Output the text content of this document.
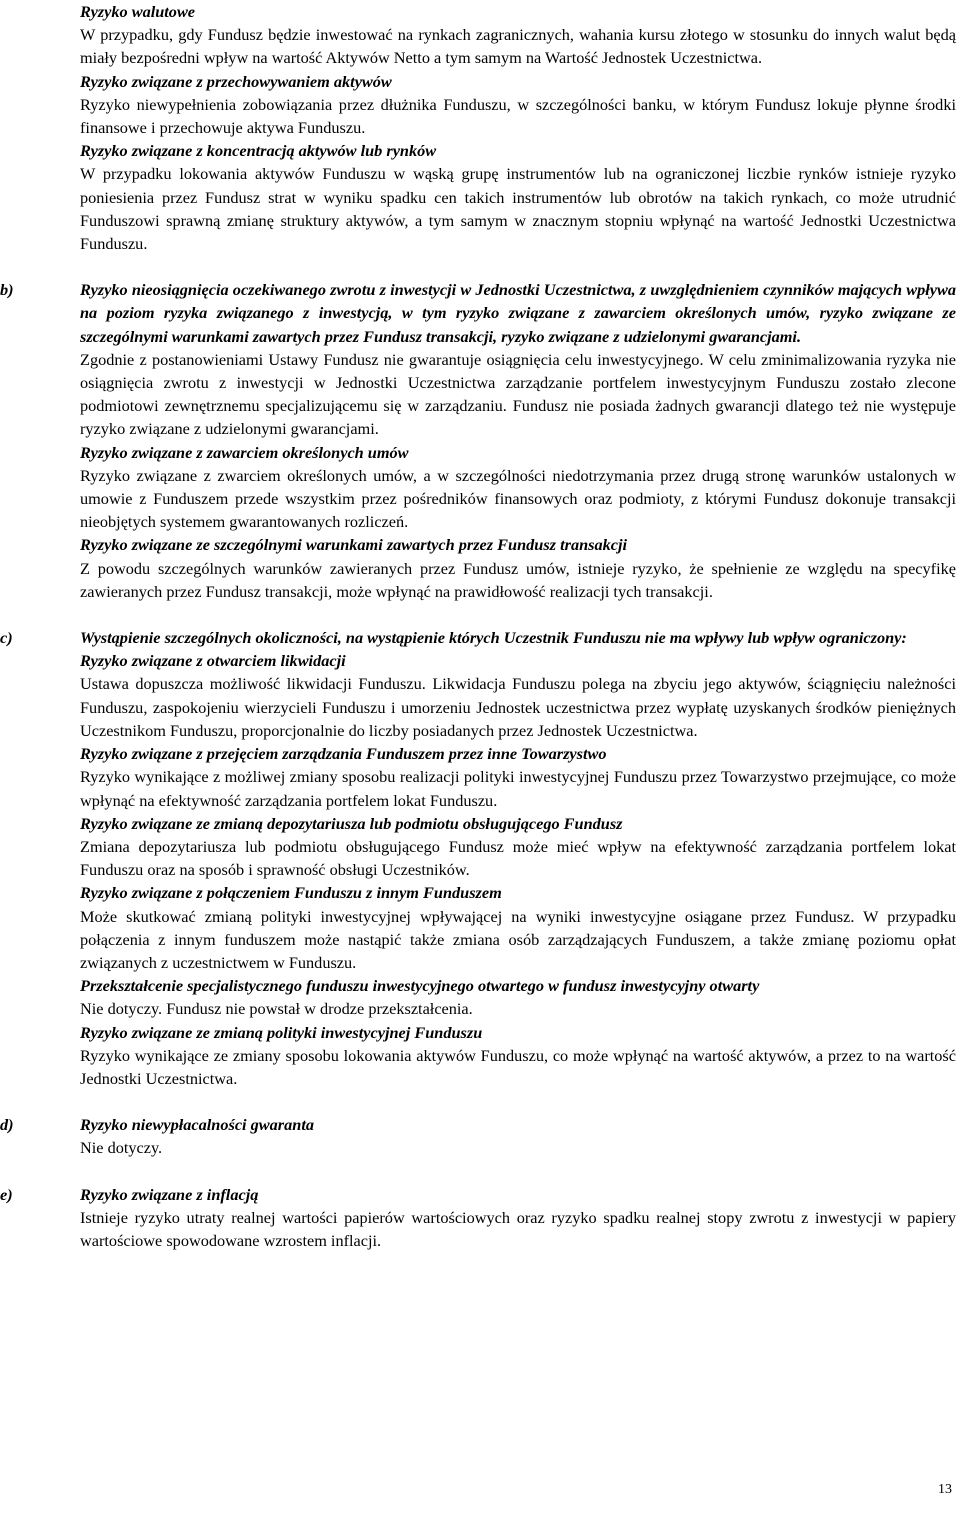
Ryzyko walutowe
W przypadku, gdy Fundusz będzie inwestować na rynkach zagranicznych, wahania kursu złotego w stosunku do innych walut będą miały bezpośredni wpływ na wartość Aktywów Netto a tym samym na Wartość Jednostek Uczestnictwa.
Ryzyko związane z przechowywaniem aktywów
Ryzyko niewypełnienia zobowiązania przez dłużnika Funduszu, w szczególności banku, w którym Fundusz lokuje płynne środki finansowe i przechowuje aktywa Funduszu.
Ryzyko związane z koncentracją aktywów lub rynków
W przypadku lokowania aktywów Funduszu w wąską grupę instrumentów lub na ograniczonej liczbie rynków istnieje ryzyko poniesienia przez Fundusz strat w wyniku spadku cen takich instrumentów lub obrotów na takich rynkach, co może utrudnić Funduszowi sprawną zmianę struktury aktywów, a tym samym w znacznym stopniu wpłynąć na wartość Jednostki Uczestnictwa Funduszu.
b)	Ryzyko nieosiągnięcia oczekiwanego zwrotu z inwestycji w Jednostki Uczestnictwa, z uwzględnieniem czynników mających wpływa na poziom ryzyka związanego z inwestycją, w tym ryzyko związane z zawarciem określonych umów, ryzyko związane ze szczególnymi warunkami zawartych przez Fundusz transakcji, ryzyko związane z udzielonymi gwarancjami.
Zgodnie z postanowieniami Ustawy Fundusz nie gwarantuje osiągnięcia celu inwestycyjnego. W celu zminimalizowania ryzyka nie osiągnięcia zwrotu z inwestycji w Jednostki Uczestnictwa zarządzanie portfelem inwestycyjnym Funduszu zostało zlecone podmiotowi zewnętrznemu specjalizującemu się w zarządzaniu. Fundusz nie posiada żadnych gwarancji dlatego też nie występuje ryzyko związane z udzielonymi gwarancjami.
Ryzyko związane z zawarciem określonych umów
Ryzyko związane z zwarciem określonych umów, a w szczególności niedotrzymania przez drugą stronę warunków ustalonych w umowie z Funduszem przede wszystkim przez pośredników finansowych oraz podmioty, z którymi Fundusz dokonuje transakcji nieobjętych systemem gwarantowanych rozliczeń.
Ryzyko związane ze szczególnymi warunkami zawartych przez Fundusz transakcji
Z powodu szczególnych warunków zawieranych przez Fundusz umów, istnieje ryzyko, że spełnienie ze względu na specyfikę zawieranych przez Fundusz transakcji, może wpłynąć na prawidłowość realizacji tych transakcji.
c)	Wystąpienie szczególnych okoliczności, na wystąpienie których Uczestnik Funduszu nie ma wpływy lub wpływ ograniczony:
Ryzyko związane z otwarciem likwidacji
Ustawa dopuszcza możliwość likwidacji Funduszu. Likwidacja Funduszu polega na zbyciu jego aktywów, ściągnięciu należności Funduszu, zaspokojeniu wierzycieli Funduszu i umorzeniu Jednostek uczestnictwa przez wypłatę uzyskanych środków pieniężnych Uczestnikom Funduszu, proporcjonalnie do liczby posiadanych przez Jednostek Uczestnictwa.
Ryzyko związane z przejęciem zarządzania Funduszem przez inne Towarzystwo
Ryzyko wynikające z możliwej zmiany sposobu realizacji polityki inwestycyjnej Funduszu przez Towarzystwo przejmujące, co może wpłynąć na efektywność zarządzania portfelem lokat Funduszu.
Ryzyko związane ze zmianą depozytariusza lub podmiotu obsługującego Fundusz
Zmiana depozytariusza lub podmiotu obsługującego Fundusz może mieć wpływ na efektywność zarządzania portfelem lokat Funduszu oraz na sposób i sprawność obsługi Uczestników.
Ryzyko związane z połączeniem Funduszu z innym Funduszem
Może skutkować zmianą polityki inwestycyjnej wpływającej na wyniki inwestycyjne osiągane przez Fundusz. W przypadku połączenia z innym funduszem może nastąpić także zmiana osób zarządzających Funduszem, a także zmianę poziomu opłat związanych z uczestnictwem w Funduszu.
Przekształcenie specjalistycznego funduszu inwestycyjnego otwartego w fundusz inwestycyjny otwarty
Nie dotyczy. Fundusz nie powstał w drodze przekształcenia.
Ryzyko związane ze zmianą polityki inwestycyjnej Funduszu
Ryzyko wynikające ze zmiany sposobu lokowania aktywów Funduszu, co może wpłynąć na wartość aktywów, a przez to na wartość Jednostki Uczestnictwa.
d)	Ryzyko niewypłacalności gwaranta
Nie dotyczy.
e)	Ryzyko związane z inflacją
Istnieje ryzyko utraty realnej wartości papierów wartościowych oraz ryzyko spadku realnej stopy zwrotu z inwestycji w papiery wartościowe spowodowane wzrostem inflacji.
13
